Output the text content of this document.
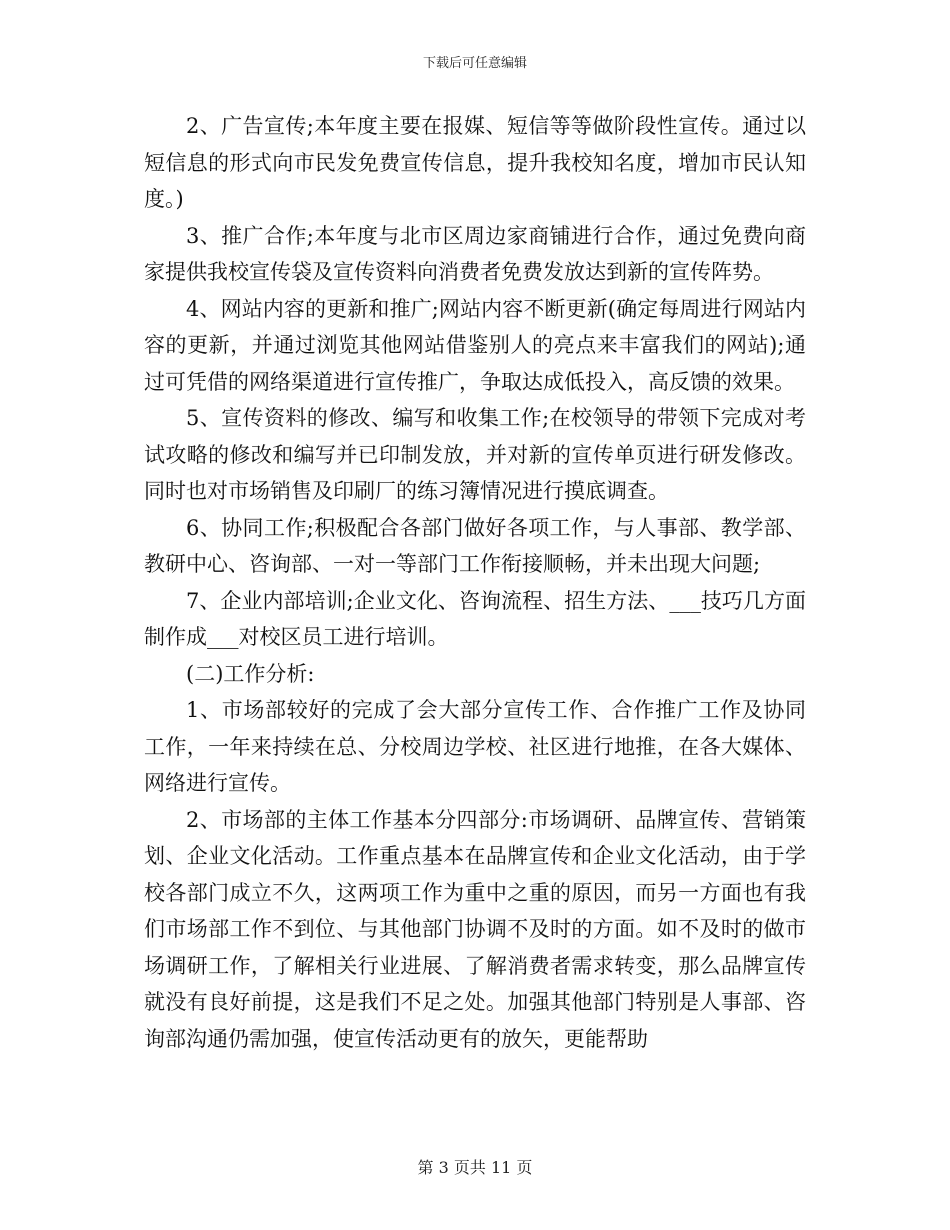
下载后可任意编辑

2、广告宣传;本年度主要在报媒、短信等等做阶段性宣传。通过以短信息的形式向市民发免费宣传信息，提升我校知名度，增加市民认知度。)

3、推广合作;本年度与北市区周边家商铺进行合作，通过免费向商家提供我校宣传袋及宣传资料向消费者免费发放达到新的宣传阵势。

4、网站内容的更新和推广;网站内容不断更新(确定每周进行网站内容的更新，并通过浏览其他网站借鉴别人的亮点来丰富我们的网站);通过可凭借的网络渠道进行宣传推广，争取达成低投入，高反馈的效果。

5、宣传资料的修改、编写和收集工作;在校领导的带领下完成对考试攻略的修改和编写并已印制发放，并对新的宣传单页进行研发修改。同时也对市场销售及印刷厂的练习簿情况进行摸底调查。

6、协同工作;积极配合各部门做好各项工作，与人事部、教学部、教研中心、咨询部、一对一等部门工作衔接顺畅，并未出现大问题;

7、企业内部培训;企业文化、咨询流程、招生方法、___技巧几方面制作成___对校区员工进行培训。

(二)工作分析:

1、市场部较好的完成了会大部分宣传工作、合作推广工作及协同工作，一年来持续在总、分校周边学校、社区进行地推，在各大媒体、网络进行宣传。

2、市场部的主体工作基本分四部分:市场调研、品牌宣传、营销策划、企业文化活动。工作重点基本在品牌宣传和企业文化活动，由于学校各部门成立不久，这两项工作为重中之重的原因，而另一方面也有我们市场部工作不到位、与其他部门协调不及时的方面。如不及时的做市场调研工作，了解相关行业进展、了解消费者需求转变，那么品牌宣传就没有良好前提，这是我们不足之处。加强其他部门特别是人事部、咨询部沟通仍需加强，使宣传活动更有的放矢，更能帮助

第 3 页共 11 页
